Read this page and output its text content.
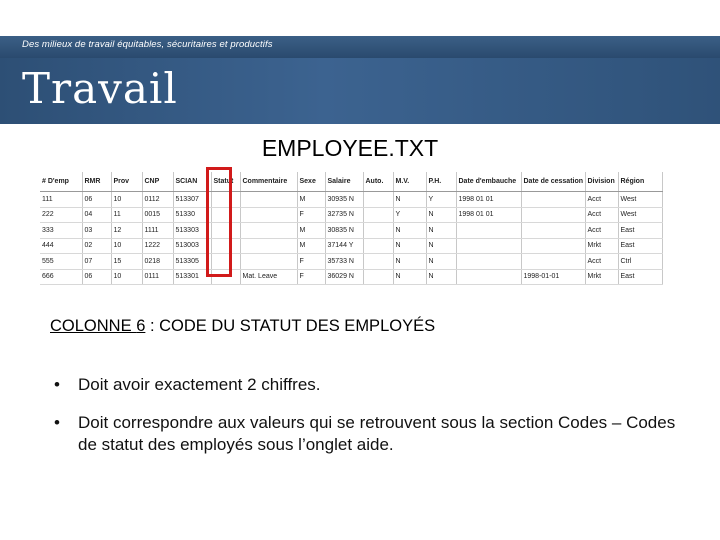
Des milieux de travail équitables, sécuritaires et productifs
Travail
EMPLOYEE.TXT
# D'emp	RMR	Prov	CNP	SCIAN	Statut	Commentaire	Sexe	Salaire	Auto.	M.V.	P.H.	Date d'embauche	Date de cessation	Division	Région
111	06	10	0112	513307			M	30935 N		N	Y	1998 01 01		Acct	West
222	04	11	0015	51330			F	32735 N		Y	N	1998 01 01		Acct	West
333	03	12	1111	513303			M	30835 N		N	N			Acct	East
444	02	10	1222	513003			M	37144 Y		N	N			Mrkt	East
555	07	15	0218	513305			F	35733 N		N	N			Acct	Ctrl
666	06	10	0111	513301		Mat. Leave	F	36029 N		N	N		1998-01-01	Mrkt	East
COLONNE 6 : CODE DU STATUT DES EMPLOYÉS
• Doit avoir exactement 2 chiffres.
• Doit correspondre aux valeurs qui se retrouvent sous la section Codes – Codes de statut des employés sous l’onglet aide.
